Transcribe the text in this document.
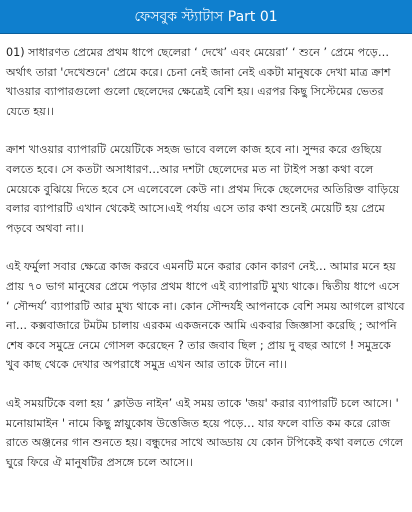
ফেসবুক স্ট্যাটাস Part 01

01) সাধারণত প্রেমের প্রথম ধাপে ছেলেরা ‘ দেখে’ এবং মেয়েরা’ ‘ শুনে ’ প্রেমে পড়ে… অর্থাৎ তারা 'দেখেশুনে' প্রেমে করে। চেনা নেই জানা নেই একটা মানুষকে দেখা মাত্র ক্রাশ খাওয়ার ব্যাপারগুলো গুলো ছেলেদের ক্ষেত্রেই বেশি হয়। এরপর কিছু সিস্টেমের ভেতর যেতে হয়।।

ক্রাশ খাওয়ার ব্যাপারটি মেয়েটিকে সহজ ভাবে বললে কাজ হবে না। সুন্দর করে গুছিয়ে বলতে হবে। সে কতটা অসাধারণ…আর দশটা ছেলেদের মত না টাইপ সস্তা কথা বলে মেয়েকে বুঝিয়ে দিতে হবে সে এলেবেলে কেউ না। প্রথম দিকে ছেলেদের অতিরিক্ত বাড়িয়ে বলার ব্যাপারটি এখান থেকেই আসে।এই পর্যায় এসে তার কথা শুনেই মেয়েটি হয় প্রেমে পড়বে অথবা না।।

এই ফর্মুলা সবার ক্ষেত্রে কাজ করবে এমনটি মনে করার কোন কারণ নেই… আমার মনে হয় প্রায় ৭০ ভাগ মানুষের প্রেমে পড়ার প্রথম ধাপে এই ব্যাপারটি মুখ্য থাকে। দ্বিতীয় ধাপে এসে ‘ সৌন্দর্য’ ব্যাপারটি আর মুখ্য থাকে না। কোন সৌন্দর্যই আপনাকে বেশি সময় আগলে রাখবে না… কক্সবাজারে টমটম চালায় এরকম একজনকে আমি একবার জিজ্ঞাসা করেছি ; আপনি শেষ কবে সমুদ্রে নেমে গোসল করেছেন ? তার জবাব ছিল ; প্রায় দু বছর আগে ! সমুদ্রকে খুব কাছ থেকে দেখার অপরাধে সমুদ্র এখন আর তাকে টানে না।।

এই সময়টিকে বলা হয় ‘ ক্লাউড নাইন’ এই সময় তাকে 'জয়' করার ব্যাপারটি চলে আসে। ' মনোয়ামাইন ' নামে কিছু স্নায়ুকোষ উত্তেজিত হয়ে পড়ে… যার ফলে বাতি কম করে রোজ রাতে অঞ্জনের গান শুনতে হয়। বন্ধুদের সাথে আড্ডায় যে কোন টপিকেই কথা বলতে গেলে ঘুরে ফিরে ঐ মানুষটির প্রসঙ্গে চলে আসে।।
